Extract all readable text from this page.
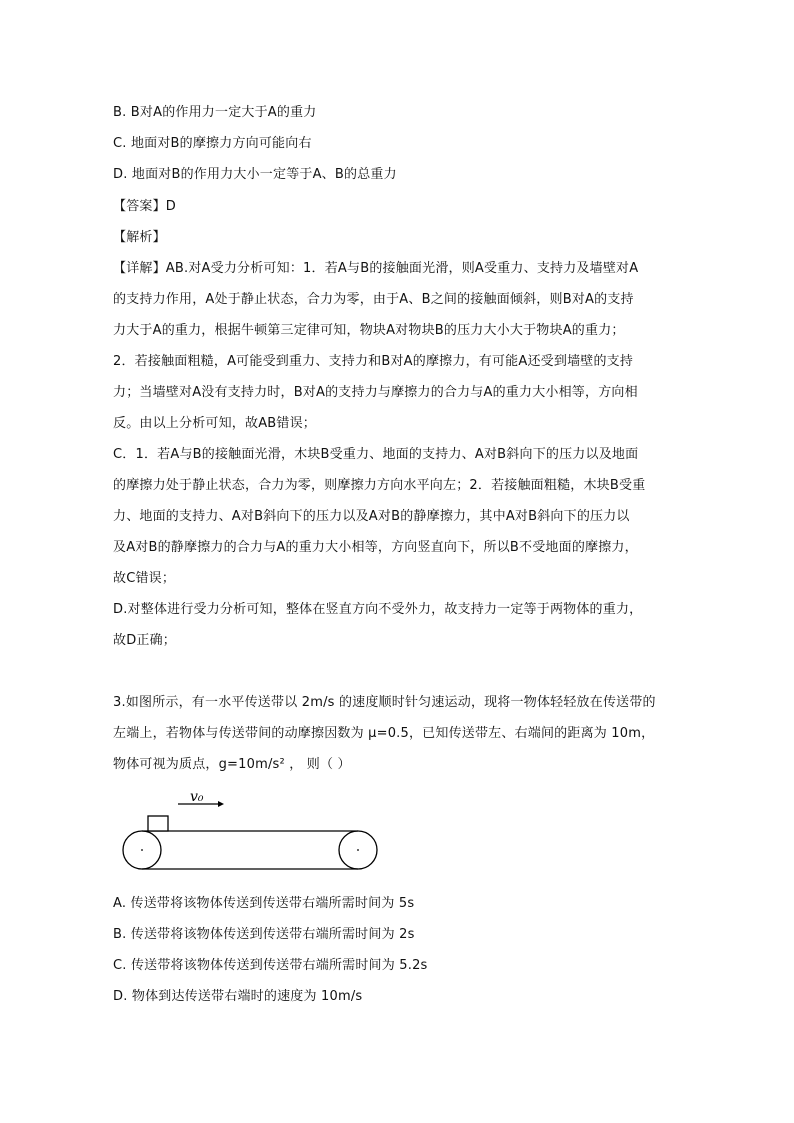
B. B对A的作用力一定大于A的重力
C. 地面对B的摩擦力方向可能向右
D. 地面对B的作用力大小一定等于A、B的总重力
【答案】D
【解析】
【详解】AB.对A受力分析可知：1．若A与B的接触面光滑，则A受重力、支持力及墙壁对A
的支持力作用，A处于静止状态，合力为零，由于A、B之间的接触面倾斜，则B对A的支持
力大于A的重力，根据牛顿第三定律可知，物块A对物块B的压力大小大于物块A的重力；
2．若接触面粗糙，A可能受到重力、支持力和B对A的摩擦力，有可能A还受到墙壁的支持
力；当墙壁对A没有支持力时，B对A的支持力与摩擦力的合力与A的重力大小相等，方向相
反。由以上分析可知，故AB错误；
C．1．若A与B的接触面光滑，木块B受重力、地面的支持力、A对B斜向下的压力以及地面
的摩擦力处于静止状态，合力为零，则摩擦力方向水平向左；2．若接触面粗糙，木块B受重
力、地面的支持力、A对B斜向下的压力以及A对B的静摩擦力，其中A对B斜向下的压力以
及A对B的静摩擦力的合力与A的重力大小相等，方向竖直向下，所以B不受地面的摩擦力，
故C错误；
D.对整体进行受力分析可知，整体在竖直方向不受外力，故支持力一定等于两物体的重力，
故D正确；
3.如图所示，有一水平传送带以 2m/s 的速度顺时针匀速运动，现将一物体轻轻放在传送带的
左端上，若物体与传送带间的动摩擦因数为 μ=0.5，已知传送带左、右端间的距离为 10m，
物体可视为质点，g=10m/s² ， 则（ ）
v₀
A. 传送带将该物体传送到传送带右端所需时间为 5s
B. 传送带将该物体传送到传送带右端所需时间为 2s
C. 传送带将该物体传送到传送带右端所需时间为 5.2s
D. 物体到达传送带右端时的速度为 10m/s
